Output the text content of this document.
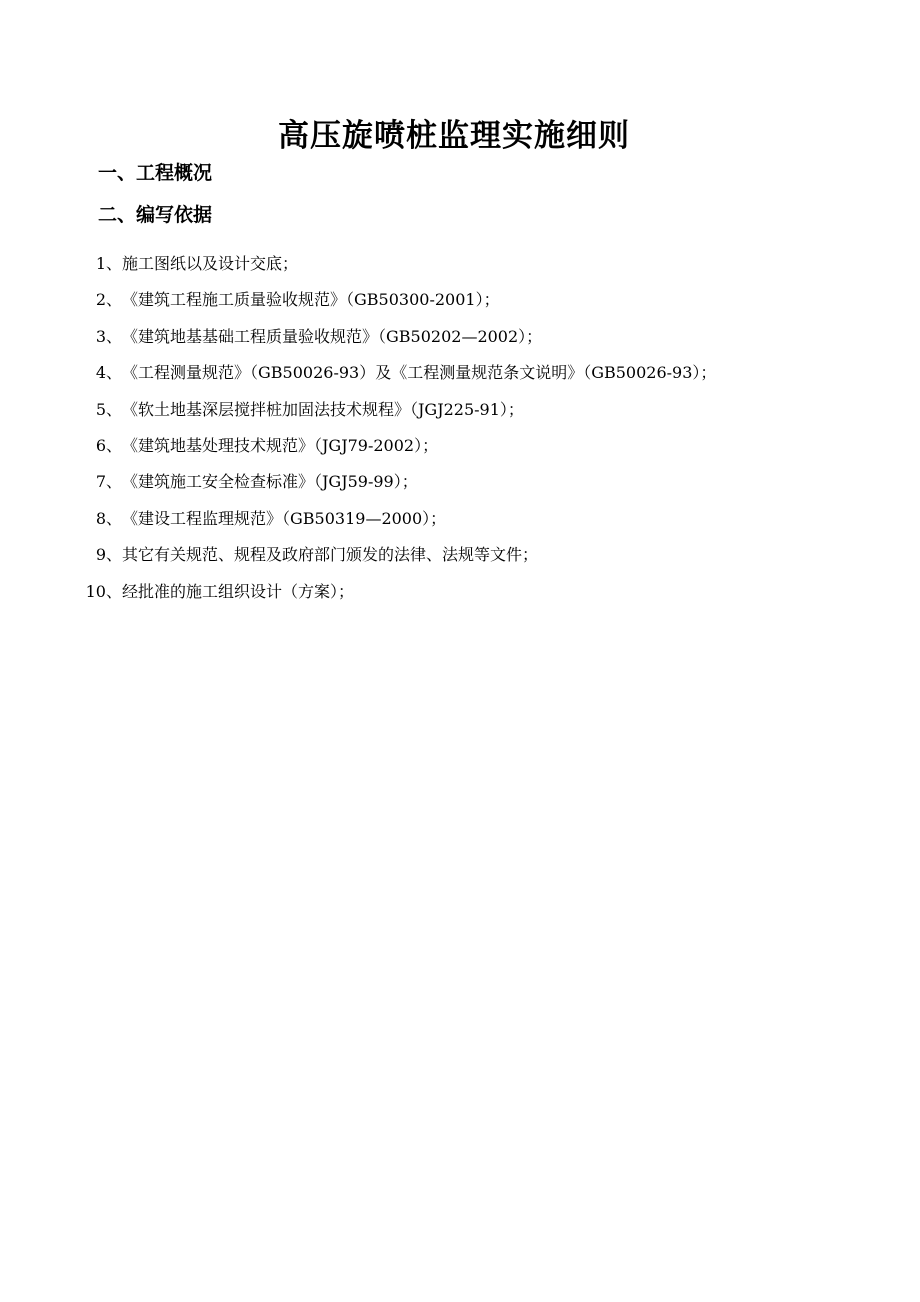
高压旋喷桩监理实施细则
一、工程概况
二、编写依据
1、 施工图纸以及设计交底；
2、 《建筑工程施工质量验收规范》（GB50300-2001）；
3、 《建筑地基基础工程质量验收规范》（GB50202—2002）；
4、 《工程测量规范》（GB50026-93）及《工程测量规范条文说明》（GB50026-93）；
5、 《软土地基深层搅拌桩加固法技术规程》（JGJ225-91）；
6、 《建筑地基处理技术规范》（JGJ79-2002）；
7、 《建筑施工安全检查标准》（JGJ59-99）；
8、 《建设工程监理规范》（GB50319—2000）；
9、 其它有关规范、规程及政府部门颁发的法律、法规等文件；
10、 经批准的施工组织设计（方案）；
